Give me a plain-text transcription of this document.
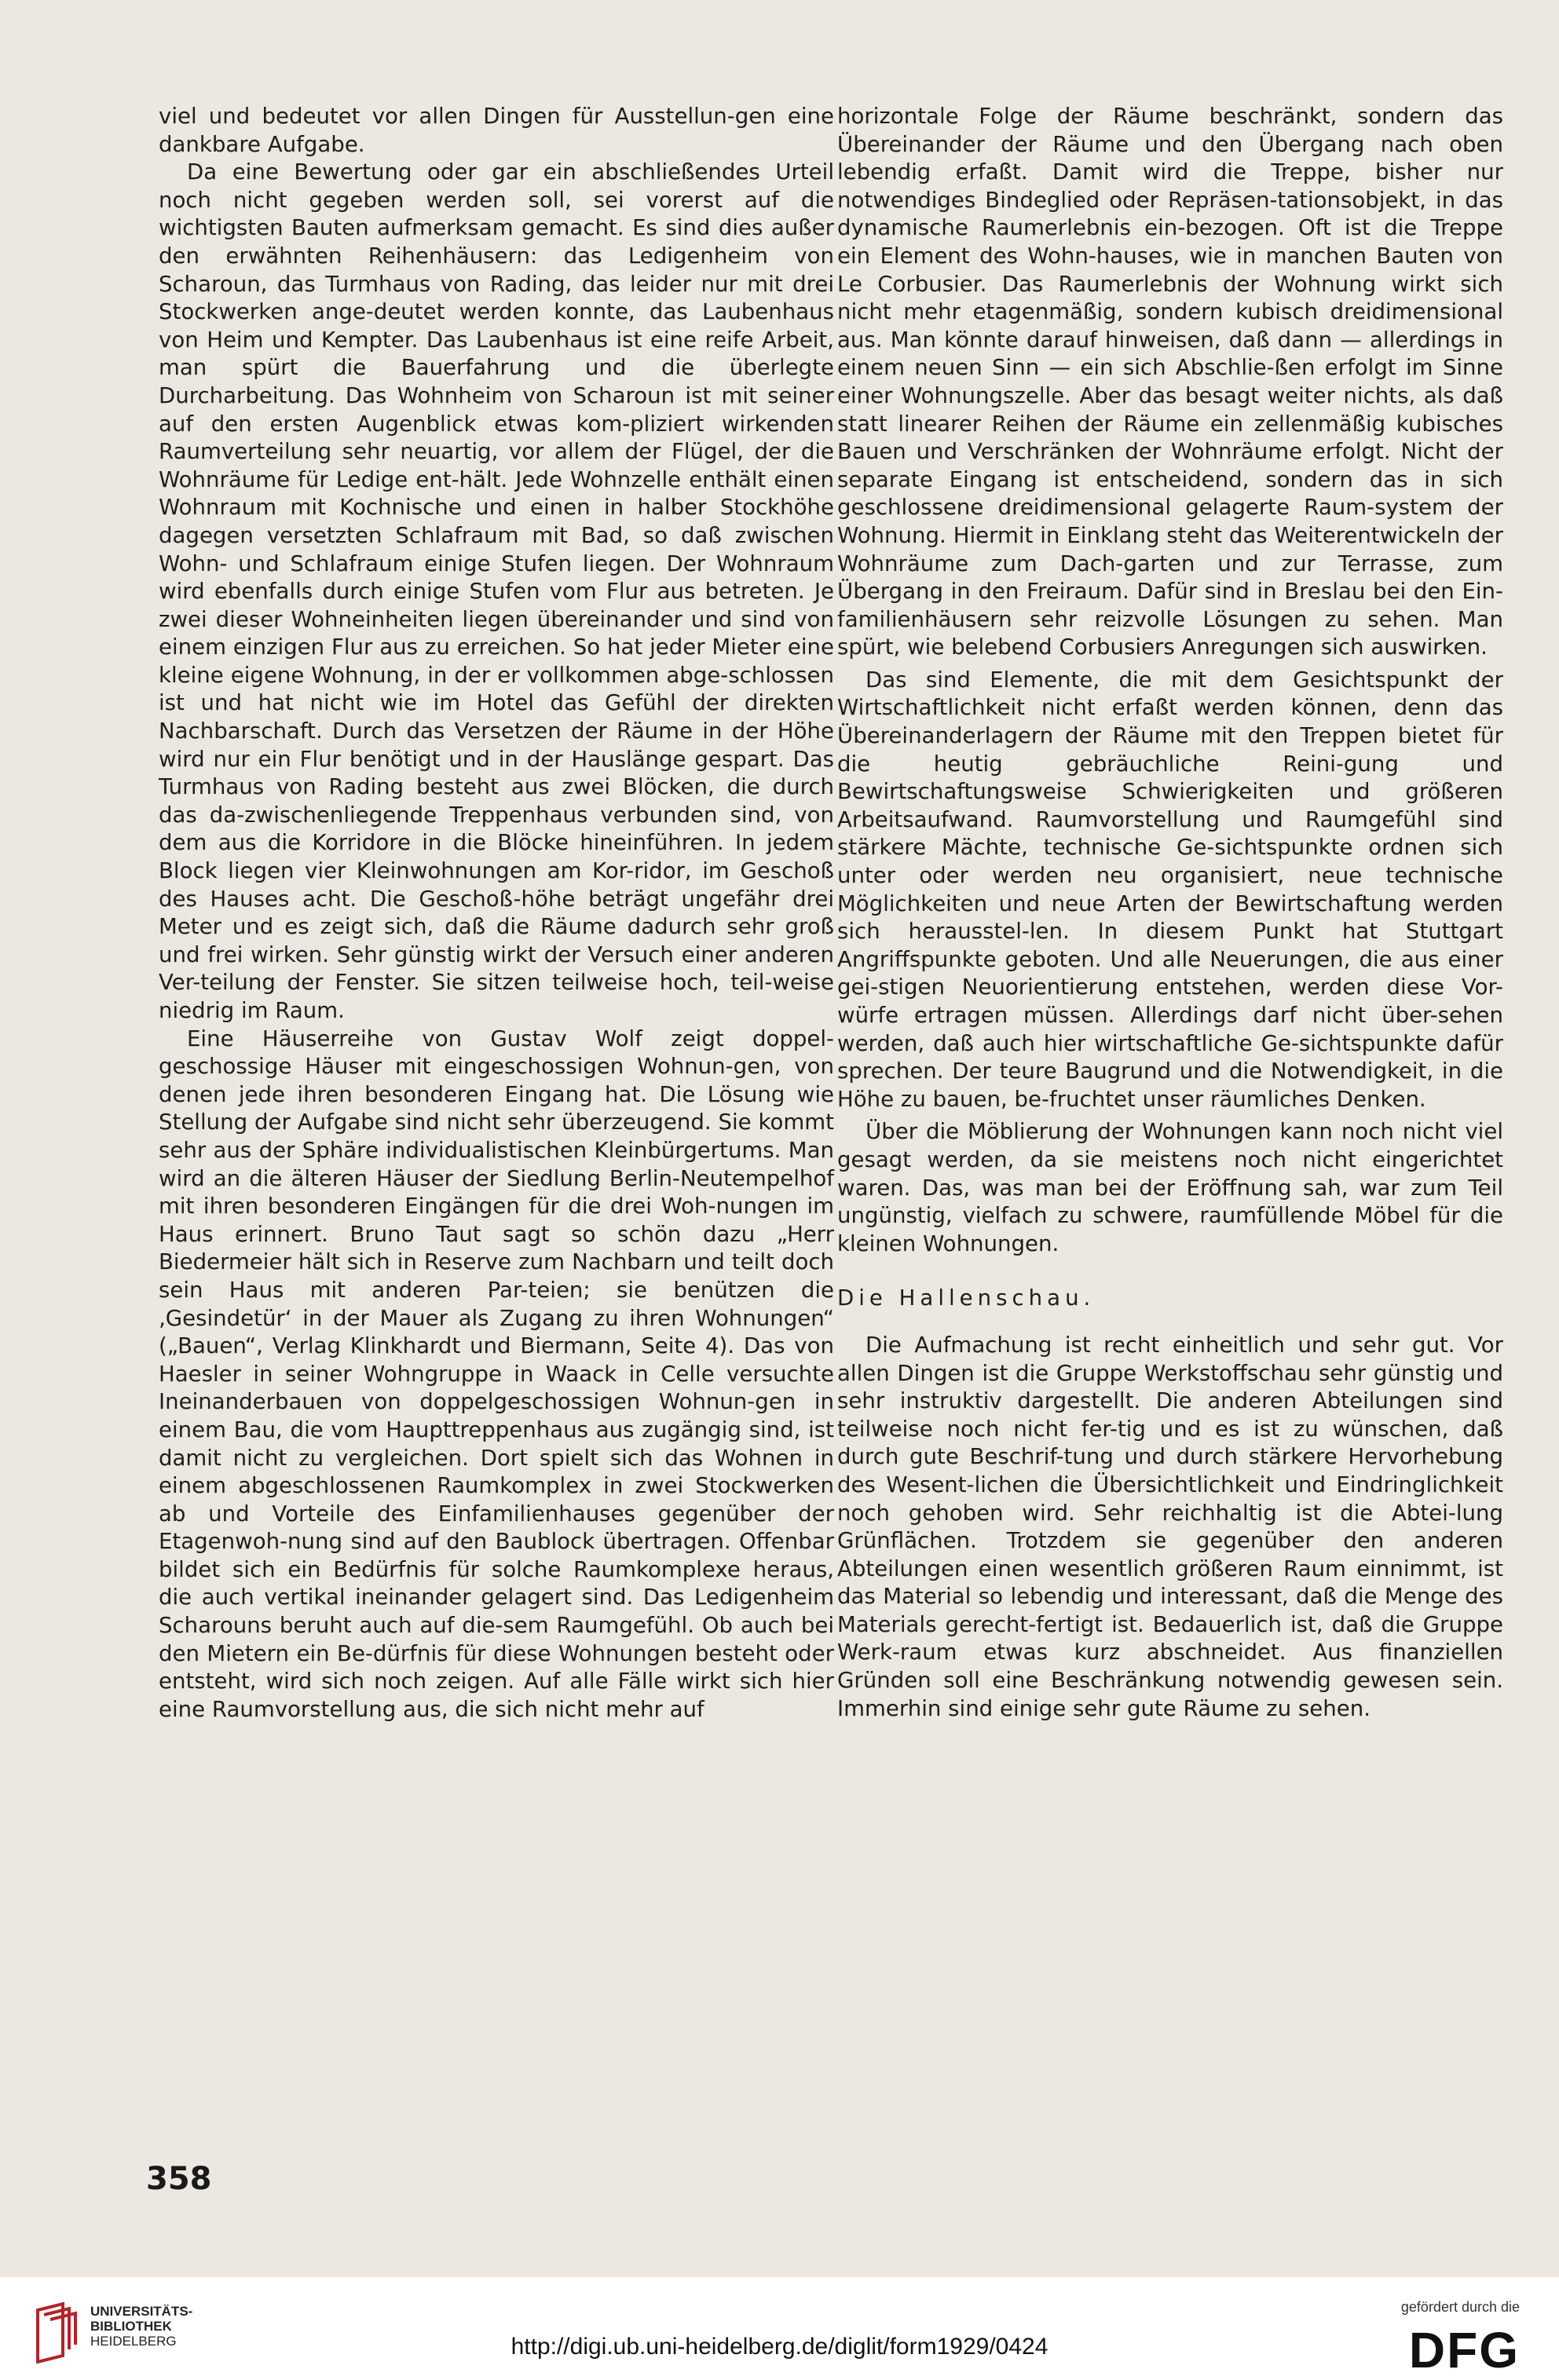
viel und bedeutet vor allen Dingen für Ausstellun-gen eine dankbare Aufgabe.

Da eine Bewertung oder gar ein abschließendes Urteil noch nicht gegeben werden soll, sei vorerst auf die wichtigsten Bauten aufmerksam gemacht. Es sind dies außer den erwähnten Reihenhäusern: das Ledigenheim von Scharoun, das Turmhaus von Rading, das leider nur mit drei Stockwerken ange-deutet werden konnte, das Laubenhaus von Heim und Kempter. Das Laubenhaus ist eine reife Arbeit, man spürt die Bauerfahrung und die überlegte Durcharbeitung. Das Wohnheim von Scharoun ist mit seiner auf den ersten Augenblick etwas kom-pliziert wirkenden Raumverteilung sehr neuartig, vor allem der Flügel, der die Wohnräume für Ledige ent-hält. Jede Wohnzelle enthält einen Wohnraum mit Kochnische und einen in halber Stockhöhe dagegen versetzten Schlafraum mit Bad, so daß zwischen Wohn- und Schlafraum einige Stufen liegen. Der Wohnraum wird ebenfalls durch einige Stufen vom Flur aus betreten. Je zwei dieser Wohneinheiten liegen übereinander und sind von einem einzigen Flur aus zu erreichen. So hat jeder Mieter eine kleine eigene Wohnung, in der er vollkommen abge-schlossen ist und hat nicht wie im Hotel das Gefühl der direkten Nachbarschaft. Durch das Versetzen der Räume in der Höhe wird nur ein Flur benötigt und in der Hauslänge gespart. Das Turmhaus von Rading besteht aus zwei Blöcken, die durch das da-zwischenliegende Treppenhaus verbunden sind, von dem aus die Korridore in die Blöcke hineinführen. In jedem Block liegen vier Kleinwohnungen am Kor-ridor, im Geschoß des Hauses acht. Die Geschoß-höhe beträgt ungefähr drei Meter und es zeigt sich, daß die Räume dadurch sehr groß und frei wirken. Sehr günstig wirkt der Versuch einer anderen Ver-teilung der Fenster. Sie sitzen teilweise hoch, teil-weise niedrig im Raum.

Eine Häuserreihe von Gustav Wolf zeigt doppel-geschossige Häuser mit eingeschossigen Wohnun-gen, von denen jede ihren besonderen Eingang hat. Die Lösung wie Stellung der Aufgabe sind nicht sehr überzeugend. Sie kommt sehr aus der Sphäre individualistischen Kleinbürgertums. Man wird an die älteren Häuser der Siedlung Berlin-Neutempelhof mit ihren besonderen Eingängen für die drei Woh-nungen im Haus erinnert. Bruno Taut sagt so schön dazu „Herr Biedermeier hält sich in Reserve zum Nachbarn und teilt doch sein Haus mit anderen Par-teien; sie benützen die ‚Gesindetür‘ in der Mauer als Zugang zu ihren Wohnungen“ („Bauen“, Verlag Klinkhardt und Biermann, Seite 4). Das von Haesler in seiner Wohngruppe in Waack in Celle versuchte Ineinanderbauen von doppelgeschossigen Wohnun-gen in einem Bau, die vom Haupttreppenhaus aus zugängig sind, ist damit nicht zu vergleichen. Dort spielt sich das Wohnen in einem abgeschlossenen Raumkomplex in zwei Stockwerken ab und Vorteile des Einfamilienhauses gegenüber der Etagenwoh-nung sind auf den Baublock übertragen. Offenbar bildet sich ein Bedürfnis für solche Raumkomplexe heraus, die auch vertikal ineinander gelagert sind. Das Ledigenheim Scharouns beruht auch auf die-sem Raumgefühl. Ob auch bei den Mietern ein Be-dürfnis für diese Wohnungen besteht oder entsteht, wird sich noch zeigen. Auf alle Fälle wirkt sich hier eine Raumvorstellung aus, die sich nicht mehr auf

horizontale Folge der Räume beschränkt, sondern das Übereinander der Räume und den Übergang nach oben lebendig erfaßt. Damit wird die Treppe, bisher nur notwendiges Bindeglied oder Repräsen-tationsobjekt, in das dynamische Raumerlebnis ein-bezogen. Oft ist die Treppe ein Element des Wohn-hauses, wie in manchen Bauten von Le Corbusier. Das Raumerlebnis der Wohnung wirkt sich nicht mehr etagenmäßig, sondern kubisch dreidimensional aus. Man könnte darauf hinweisen, daß dann — allerdings in einem neuen Sinn — ein sich Abschlie-ßen erfolgt im Sinne einer Wohnungszelle. Aber das besagt weiter nichts, als daß statt linearer Reihen der Räume ein zellenmäßig kubisches Bauen und Verschränken der Wohnräume erfolgt. Nicht der separate Eingang ist entscheidend, sondern das in sich geschlossene dreidimensional gelagerte Raum-system der Wohnung. Hiermit in Einklang steht das Weiterentwickeln der Wohnräume zum Dach-garten und zur Terrasse, zum Übergang in den Freiraum. Dafür sind in Breslau bei den Ein-familienhäusern sehr reizvolle Lösungen zu sehen. Man spürt, wie belebend Corbusiers Anregungen sich auswirken.

Das sind Elemente, die mit dem Gesichtspunkt der Wirtschaftlichkeit nicht erfaßt werden können, denn das Übereinanderlagern der Räume mit den Treppen bietet für die heutig gebräuchliche Reini-gung und Bewirtschaftungsweise Schwierigkeiten und größeren Arbeitsaufwand. Raumvorstellung und Raumgefühl sind stärkere Mächte, technische Ge-sichtspunkte ordnen sich unter oder werden neu organisiert, neue technische Möglichkeiten und neue Arten der Bewirtschaftung werden sich herausstel-len. In diesem Punkt hat Stuttgart Angriffspunkte geboten. Und alle Neuerungen, die aus einer gei-stigen Neuorientierung entstehen, werden diese Vor-würfe ertragen müssen. Allerdings darf nicht über-sehen werden, daß auch hier wirtschaftliche Ge-sichtspunkte dafür sprechen. Der teure Baugrund und die Notwendigkeit, in die Höhe zu bauen, be-fruchtet unser räumliches Denken.

Über die Möblierung der Wohnungen kann noch nicht viel gesagt werden, da sie meistens noch nicht eingerichtet waren. Das, was man bei der Eröffnung sah, war zum Teil ungünstig, vielfach zu schwere, raumfüllende Möbel für die kleinen Wohnungen.

Die Hallenschau.

Die Aufmachung ist recht einheitlich und sehr gut. Vor allen Dingen ist die Gruppe Werkstoffschau sehr günstig und sehr instruktiv dargestellt. Die anderen Abteilungen sind teilweise noch nicht fer-tig und es ist zu wünschen, daß durch gute Beschrif-tung und durch stärkere Hervorhebung des Wesent-lichen die Übersichtlichkeit und Eindringlichkeit noch gehoben wird. Sehr reichhaltig ist die Abtei-lung Grünflächen. Trotzdem sie gegenüber den anderen Abteilungen einen wesentlich größeren Raum einnimmt, ist das Material so lebendig und interessant, daß die Menge des Materials gerecht-fertigt ist. Bedauerlich ist, daß die Gruppe Werk-raum etwas kurz abschneidet. Aus finanziellen Gründen soll eine Beschränkung notwendig gewesen sein. Immerhin sind einige sehr gute Räume zu sehen.

358
UNIVERSITÄTS-
BIBLIOTHEK
HEIDELBERG	http://digi.ub.uni-heidelberg.de/diglit/form1929/0424
gefördert durch die
DFG
